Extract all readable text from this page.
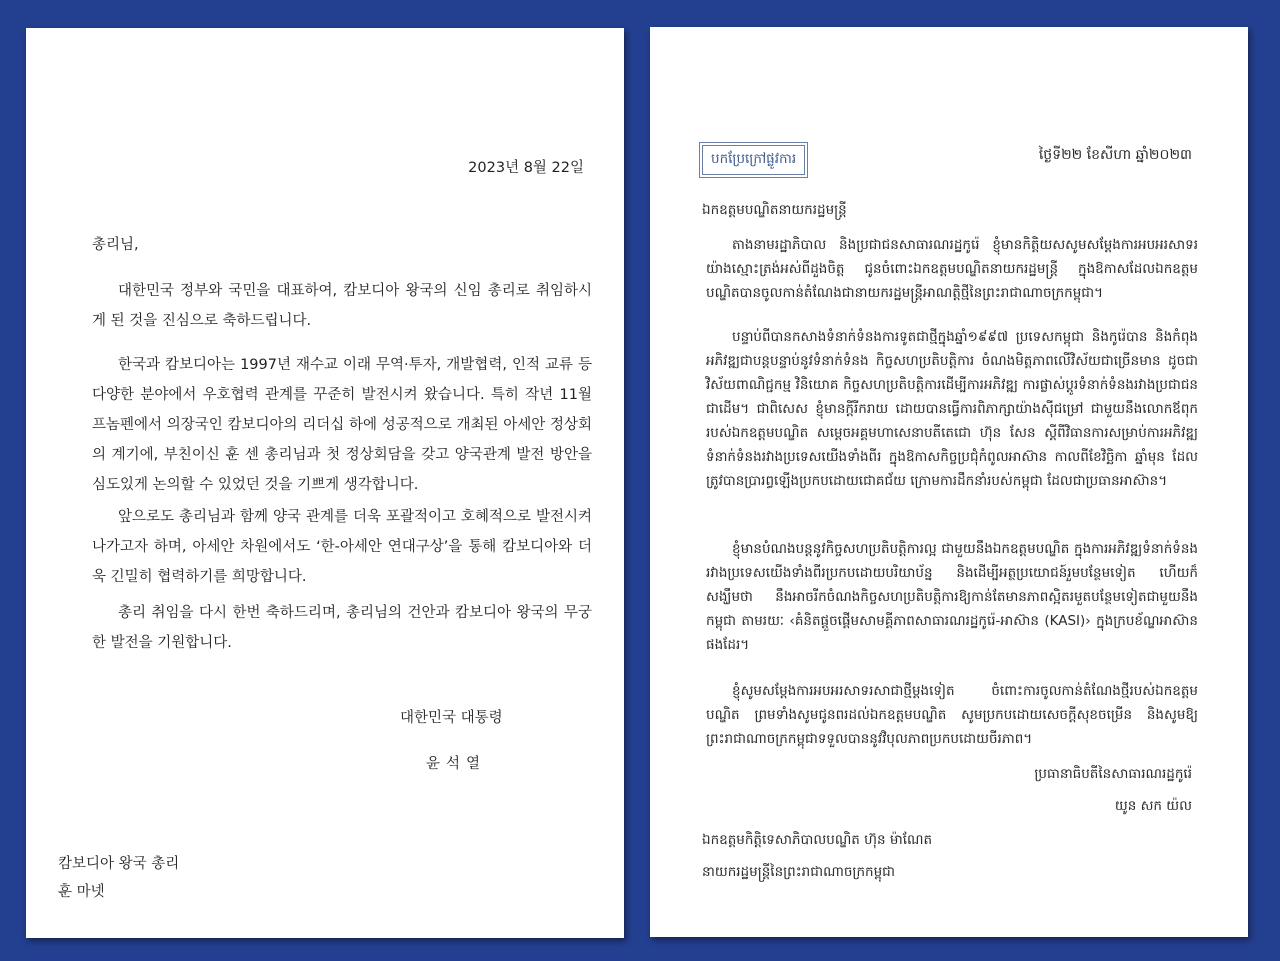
2023년 8월 22일
총리님,

대한민국 정부와 국민을 대표하여, 캄보디아 왕국의 신임 총리로 취임하시게 된 것을 진심으로 축하드립니다.

한국과 캄보디아는 1997년 재수교 이래 무역·투자, 개발협력, 인적 교류 등 다양한 분야에서 우호협력 관계를 꾸준히 발전시켜 왔습니다. 특히 작년 11월 프놈펜에서 의장국인 캄보디아의 리더십 하에 성공적으로 개최된 아세안 정상회의 계기에, 부친이신 훈 센 총리님과 첫 정상회담을 갖고 양국관계 발전 방안을 심도있게 논의할 수 있었던 것을 기쁘게 생각합니다.

앞으로도 총리님과 함께 양국 관계를 더욱 포괄적이고 호혜적으로 발전시켜 나가고자 하며, 아세안 차원에서도 ‘한-아세안 연대구상’을 통해 캄보디아와 더욱 긴밀히 협력하기를 희망합니다.

총리 취임을 다시 한번 축하드리며, 총리님의 건안과 캄보디아 왕국의 무궁한 발전을 기원합니다.

대한민국 대통령
윤석열
캄보디아 왕국 총리
훈 마넷
បកប្រែក្រៅផ្លូវការ	ថ្ងៃទី២២ ខែសីហា ឆ្នាំ២០២៣
ឯកឧត្តមបណ្ឌិតនាយករដ្ឋមន្ត្រី

តាងនាមរដ្ឋាភិបាល និងប្រជាជនសាធារណរដ្ឋកូរ៉េ ខ្ញុំមានកិត្តិយសសូមសម្តែងការអបអរសាទរយ៉ាងស្មោះត្រង់អស់ពីដួងចិត្ត ជូនចំពោះឯកឧត្តមបណ្ឌិតនាយករដ្ឋមន្ត្រី ក្នុងឱកាសដែលឯកឧត្តមបណ្ឌិតបានចូលកាន់តំណែងជានាយករដ្ឋមន្ត្រីអាណត្តិថ្មីនៃព្រះរាជាណាចក្រកម្ពុជា។

បន្ទាប់ពីបានកសាងទំនាក់ទំនងការទូតជាថ្មីក្នុងឆ្នាំ១៩៩៧ ប្រទេសកម្ពុជា និងកូរ៉េបាន និងកំពុងអភិវឌ្ឍជាបន្តបន្ទាប់នូវទំនាក់ទំនង កិច្ចសហប្រតិបត្តិការ ចំណងមិត្តភាពលើវិស័យជាច្រើនមាន ដូចជា វិស័យពាណិជ្ជកម្ម វិនិយោគ កិច្ចសហប្រតិបត្តិការដើម្បីការអភិវឌ្ឍ ការផ្លាស់ប្តូរទំនាក់ទំនងរវាងប្រជាជនជាដើម។ ជាពិសេស ខ្ញុំមានក្តីរីករាយ ដោយបានធ្វើការពិភាក្សាយ៉ាងស៊ីជម្រៅ ជាមួយនឹងលោកឪពុករបស់ឯកឧត្តមបណ្ឌិត សម្តេចអគ្គមហាសេនាបតីតេជោ ហ៊ុន សែន ស្តីពីវិធានការសម្រាប់ការអភិវឌ្ឍទំនាក់ទំនងរវាងប្រទេសយើងទាំងពីរ ក្នុងឱកាសកិច្ចប្រជុំកំពូលអាស៊ាន កាលពីខែវិច្ឆិកា ឆ្នាំមុន ដែលត្រូវបានប្រារព្ធឡើងប្រកបដោយជោគជ័យ ក្រោមការដឹកនាំរបស់កម្ពុជា ដែលជាប្រធានអាស៊ាន។

ខ្ញុំមានបំណងបន្តនូវកិច្ចសហប្រតិបត្តិការល្អ ជាមួយនឹងឯកឧត្តមបណ្ឌិត ក្នុងការអភិវឌ្ឍទំនាក់ទំនងរវាងប្រទេសយើងទាំងពីរប្រកបដោយបរិយាប័ន្ន និងដើម្បីអត្ថប្រយោជន៍រួមបន្ថែមទៀត ហើយក៏សង្ឃឹមថា នឹងអាចរីកចំណងកិច្ចសហប្រតិបត្តិការឱ្យកាន់តែមានភាពស្អិតរមួតបន្ថែមទៀតជាមួយនឹងកម្ពុជា តាមរយៈ ‹គំនិតផ្តួចផ្តើមសាមគ្គីភាពសាធារណរដ្ឋកូរ៉េ-អាស៊ាន (KASI)› ក្នុងក្របខ័ណ្ឌអាស៊ានផងដែរ។

ខ្ញុំសូមសម្តែងការអបអរសាទរសាជាថ្មីម្តងទៀត ចំពោះការចូលកាន់តំណែងថ្មីរបស់ឯកឧត្តមបណ្ឌិត ព្រមទាំងសូមជូនពរដល់ឯកឧត្តមបណ្ឌិត សូមប្រកបដោយសេចក្តីសុខចម្រើន និងសូមឱ្យព្រះរាជាណាចក្រកម្ពុជាទទួលបាននូវវិបុលភាពប្រកបដោយចីរភាព។

ប្រធានាធិបតីនៃសាធារណរដ្ឋកូរ៉េ
យូន សក យ៉ល
ឯកឧត្តមកិត្តិទេសាភិបាលបណ្ឌិត ហ៊ុន ម៉ាណែត
នាយករដ្ឋមន្ត្រីនៃព្រះរាជាណាចក្រកម្ពុជា
